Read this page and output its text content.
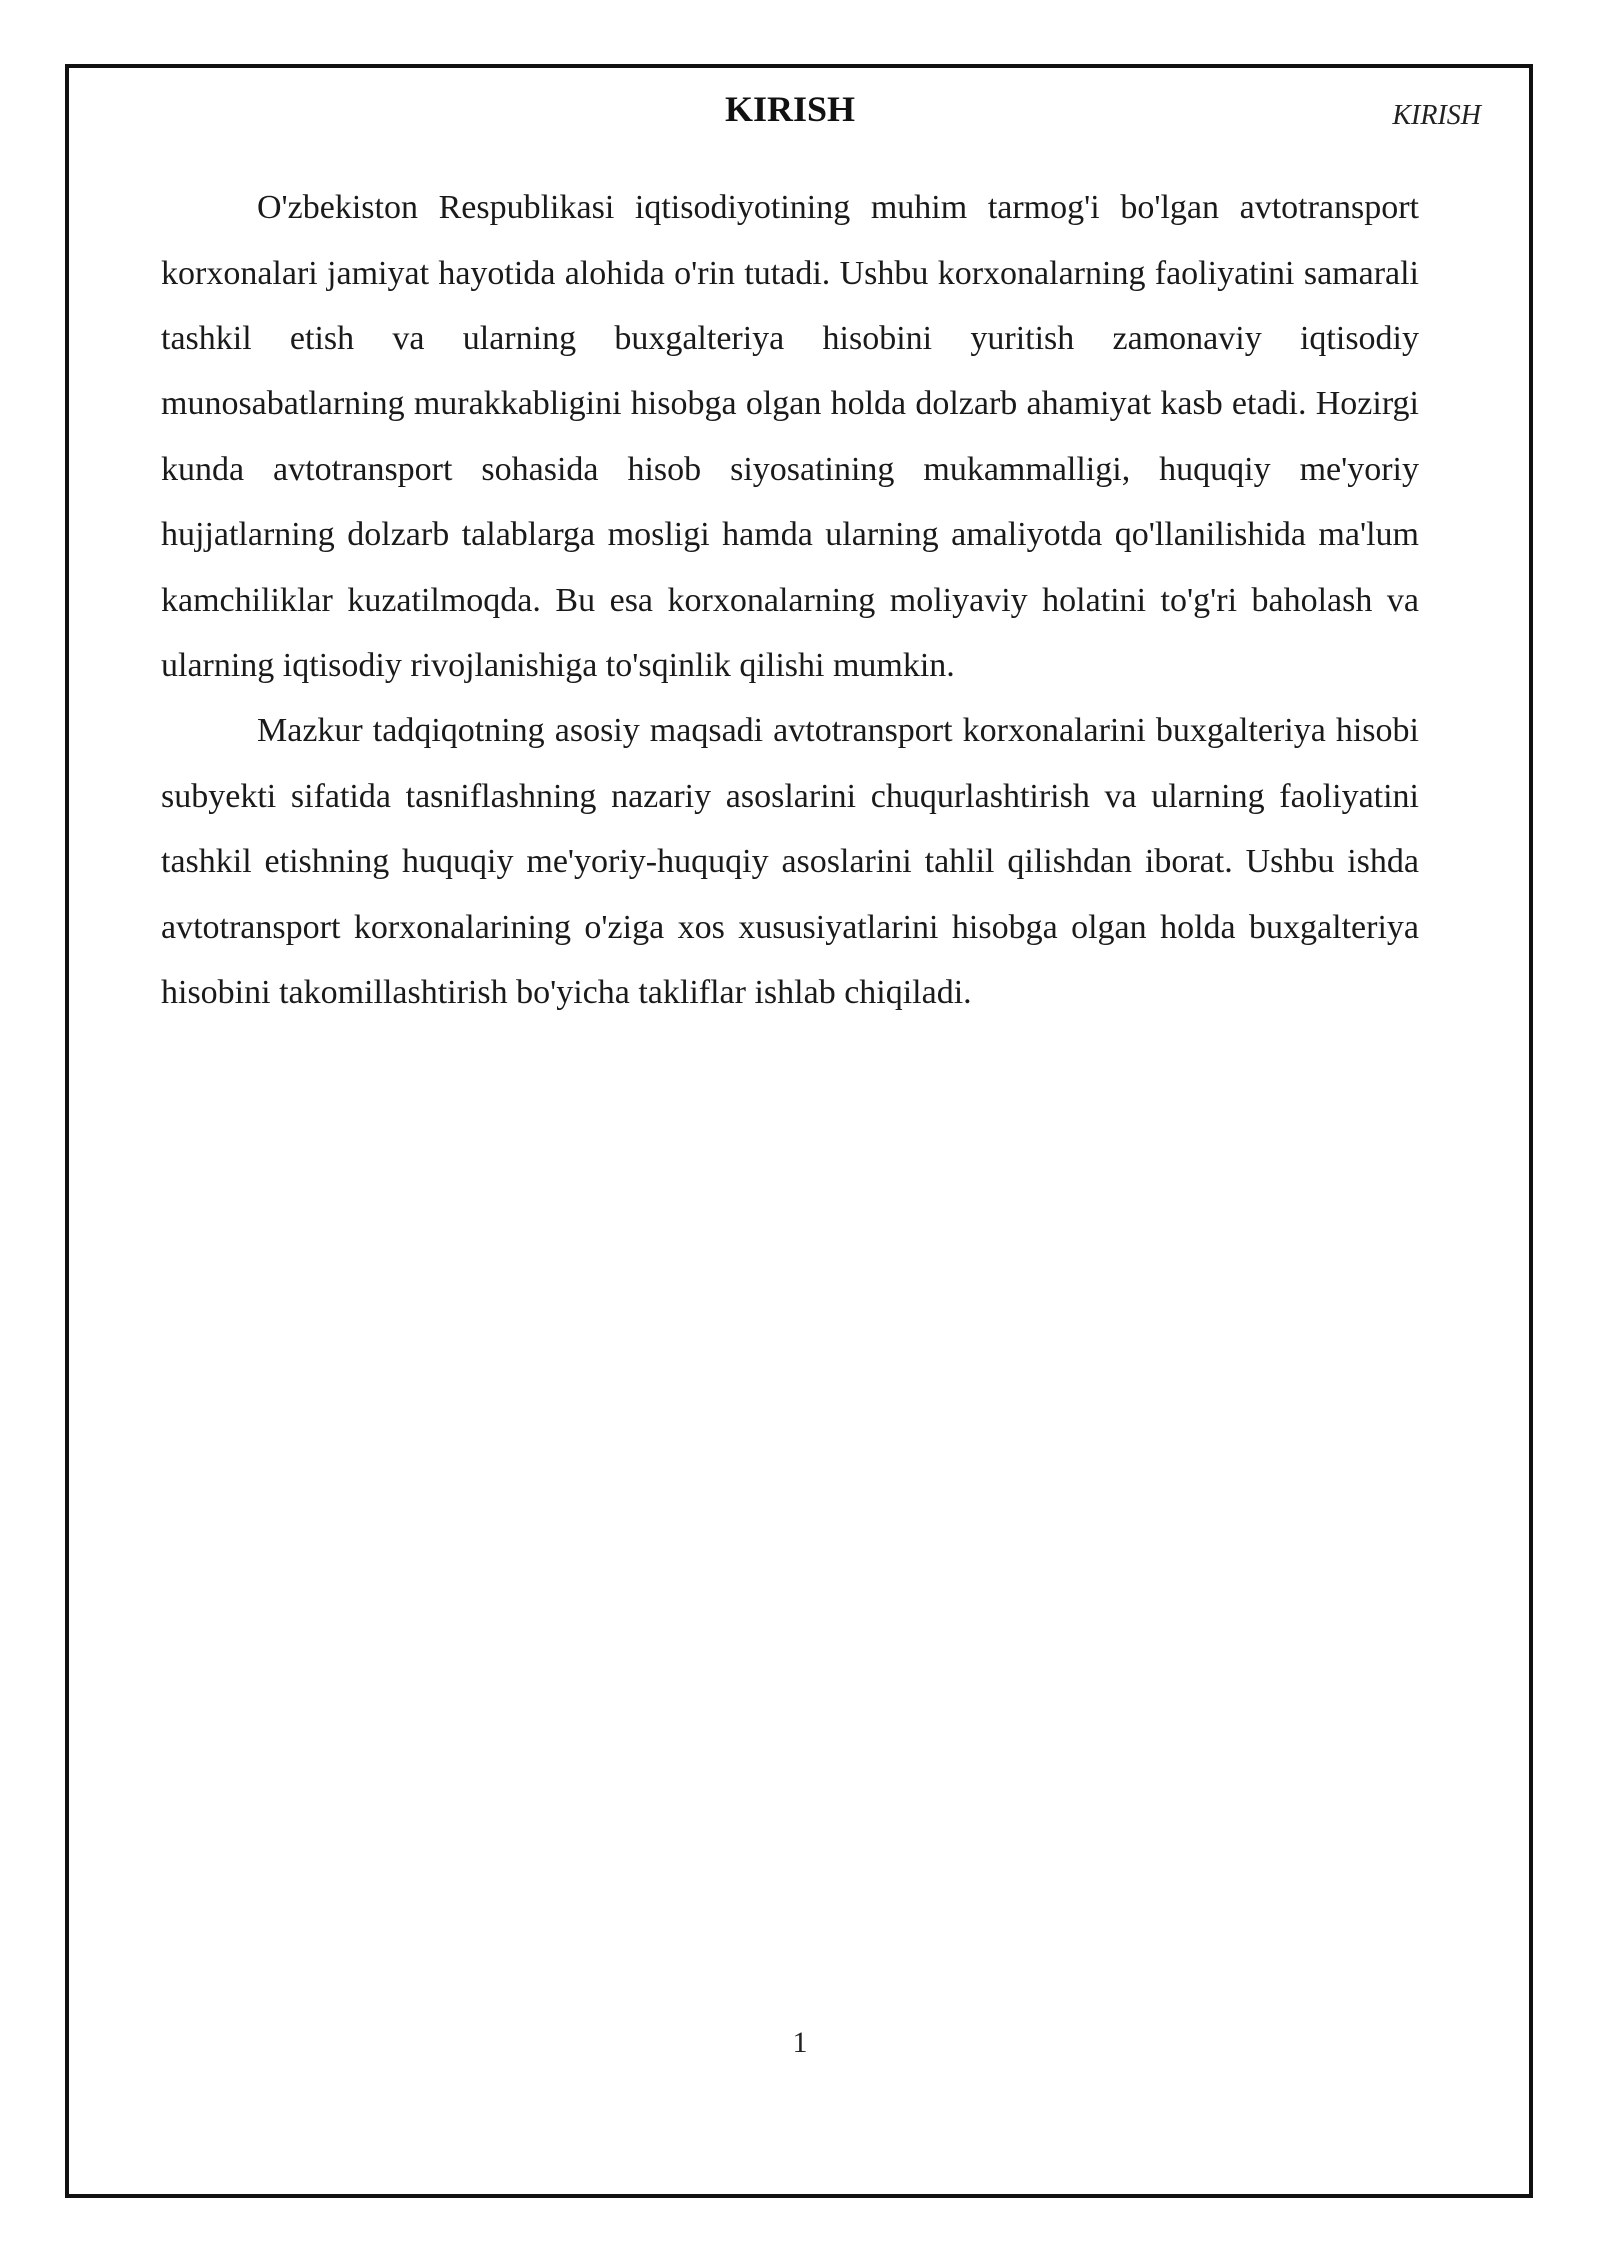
KIRISH
KIRISH

O'zbekiston Respublikasi iqtisodiyotining muhim tarmog'i bo'lgan avtotransport korxonalari jamiyat hayotida alohida o'rin tutadi. Ushbu korxonalarning faoliyatini samarali tashkil etish va ularning buxgalteriya hisobini yuritish zamonaviy iqtisodiy munosabatlarning murakkabligini hisobga olgan holda dolzarb ahamiyat kasb etadi. Hozirgi kunda avtotransport sohasida hisob siyosatining mukammalligi, huquqiy me'yoriy hujjatlarning dolzarb talablarga mosligi hamda ularning amaliyotda qo'llanilishida ma'lum kamchiliklar kuzatilmoqda. Bu esa korxonalarning moliyaviy holatini to'g'ri baholash va ularning iqtisodiy rivojlanishiga to'sqinlik qilishi mumkin.

Mazkur tadqiqotning asosiy maqsadi avtotransport korxonalarini buxgalteriya hisobi subyekti sifatida tasniflashning nazariy asoslarini chuqurlashtirish va ularning faoliyatini tashkil etishning huquqiy me'yoriy-huquqiy asoslarini tahlil qilishdan iborat. Ushbu ishda avtotransport korxonalarining o'ziga xos xususiyatlarini hisobga olgan holda buxgalteriya hisobini takomillashtirish bo'yicha takliflar ishlab chiqiladi.

1
